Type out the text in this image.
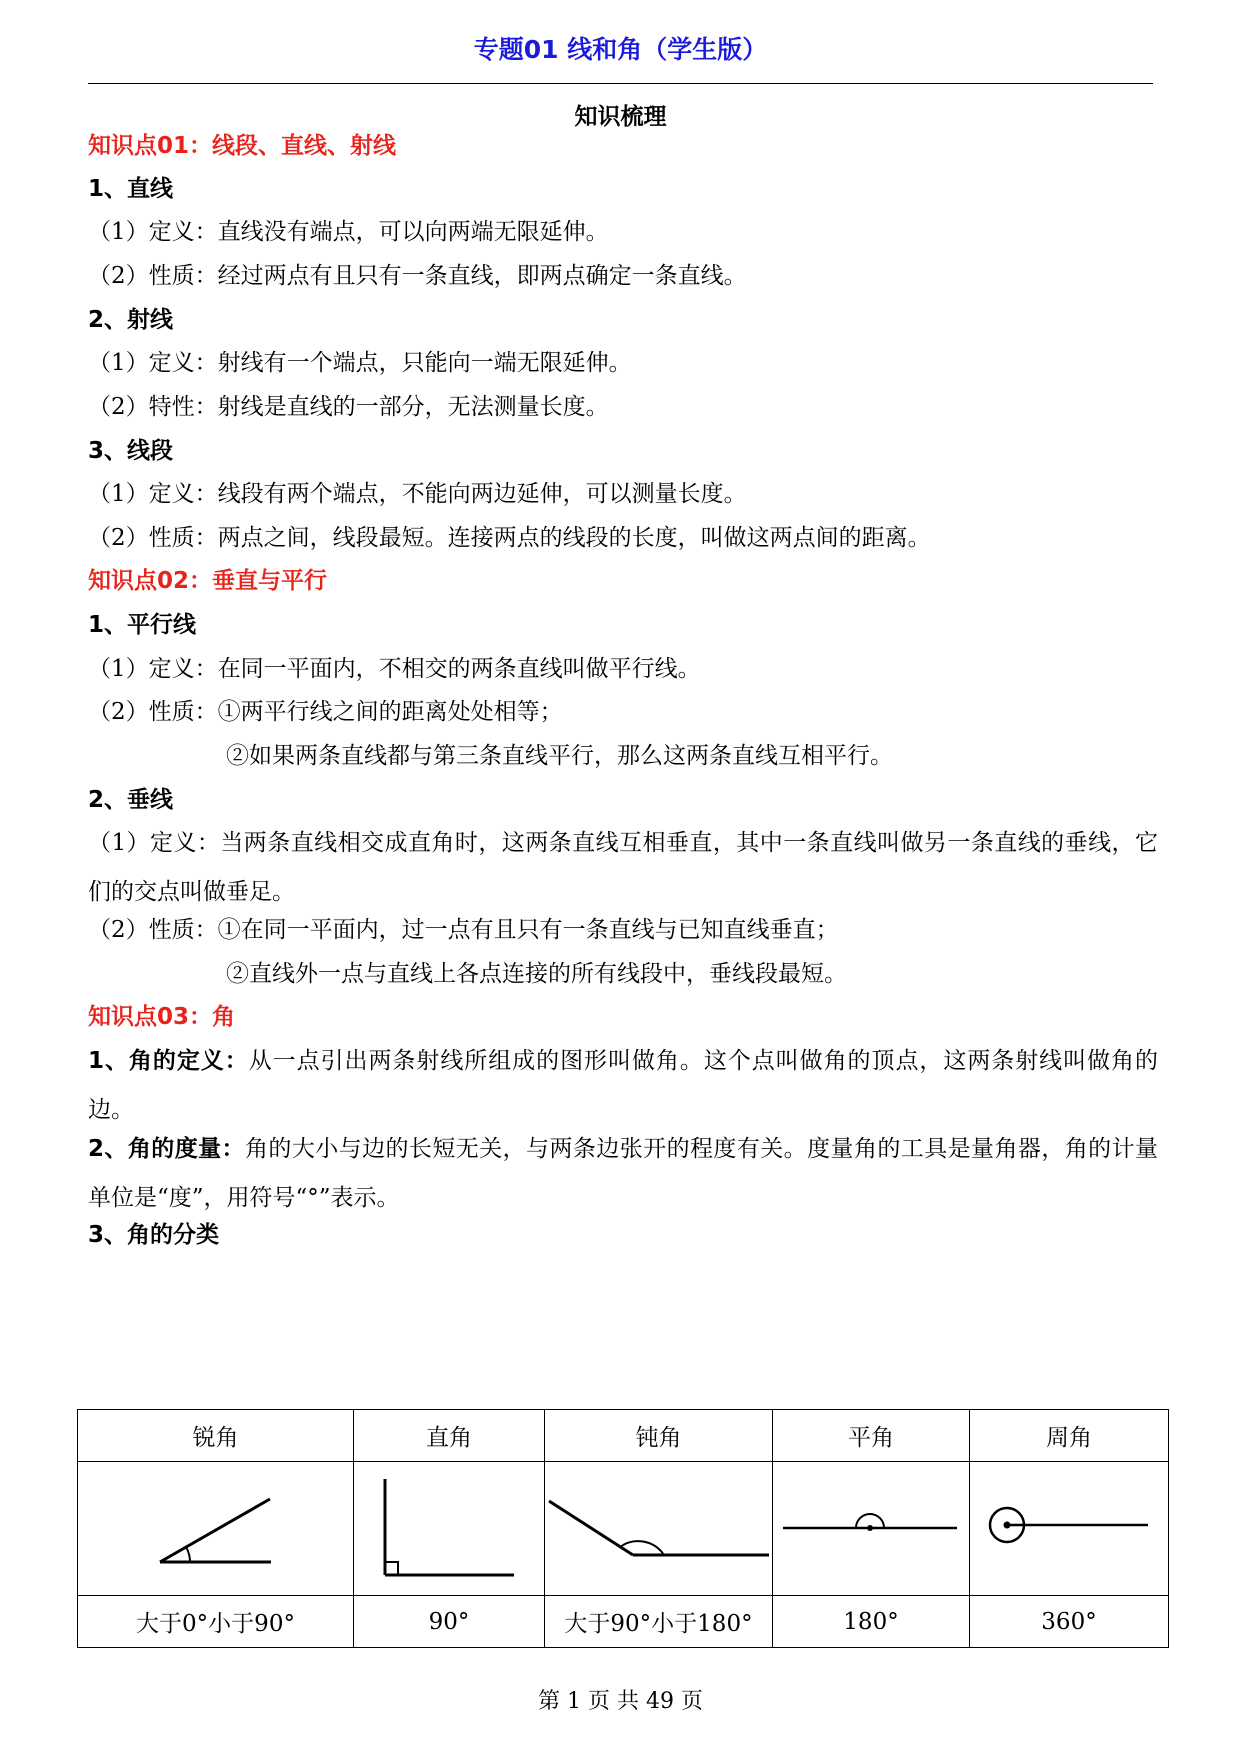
专题01 线和角（学生版）
知识梳理
知识点01：线段、直线、射线
1、直线
（1）定义：直线没有端点，可以向两端无限延伸。
（2）性质：经过两点有且只有一条直线，即两点确定一条直线。
2、射线
（1）定义：射线有一个端点，只能向一端无限延伸。
（2）特性：射线是直线的一部分，无法测量长度。
3、线段
（1）定义：线段有两个端点，不能向两边延伸，可以测量长度。
（2）性质：两点之间，线段最短。连接两点的线段的长度，叫做这两点间的距离。
知识点02：垂直与平行
1、平行线
（1）定义：在同一平面内，不相交的两条直线叫做平行线。
（2）性质：①两平行线之间的距离处处相等；
②如果两条直线都与第三条直线平行，那么这两条直线互相平行。
2、垂线
（1）定义：当两条直线相交成直角时，这两条直线互相垂直，其中一条直线叫做另一条直线的垂线，它们的交点叫做垂足。
（2）性质：①在同一平面内，过一点有且只有一条直线与已知直线垂直；
②直线外一点与直线上各点连接的所有线段中，垂线段最短。
知识点03：角
1、角的定义：从一点引出两条射线所组成的图形叫做角。这个点叫做角的顶点，这两条射线叫做角的边。
2、角的度量：角的大小与边的长短无关，与两条边张开的程度有关。度量角的工具是量角器，角的计量单位是“度”，用符号“°”表示。
3、角的分类
锐角	直角	钝角	平角	周角

大于0°小于90°	90°	大于90°小于180°	180°	360°
第 1 页 共 49 页
